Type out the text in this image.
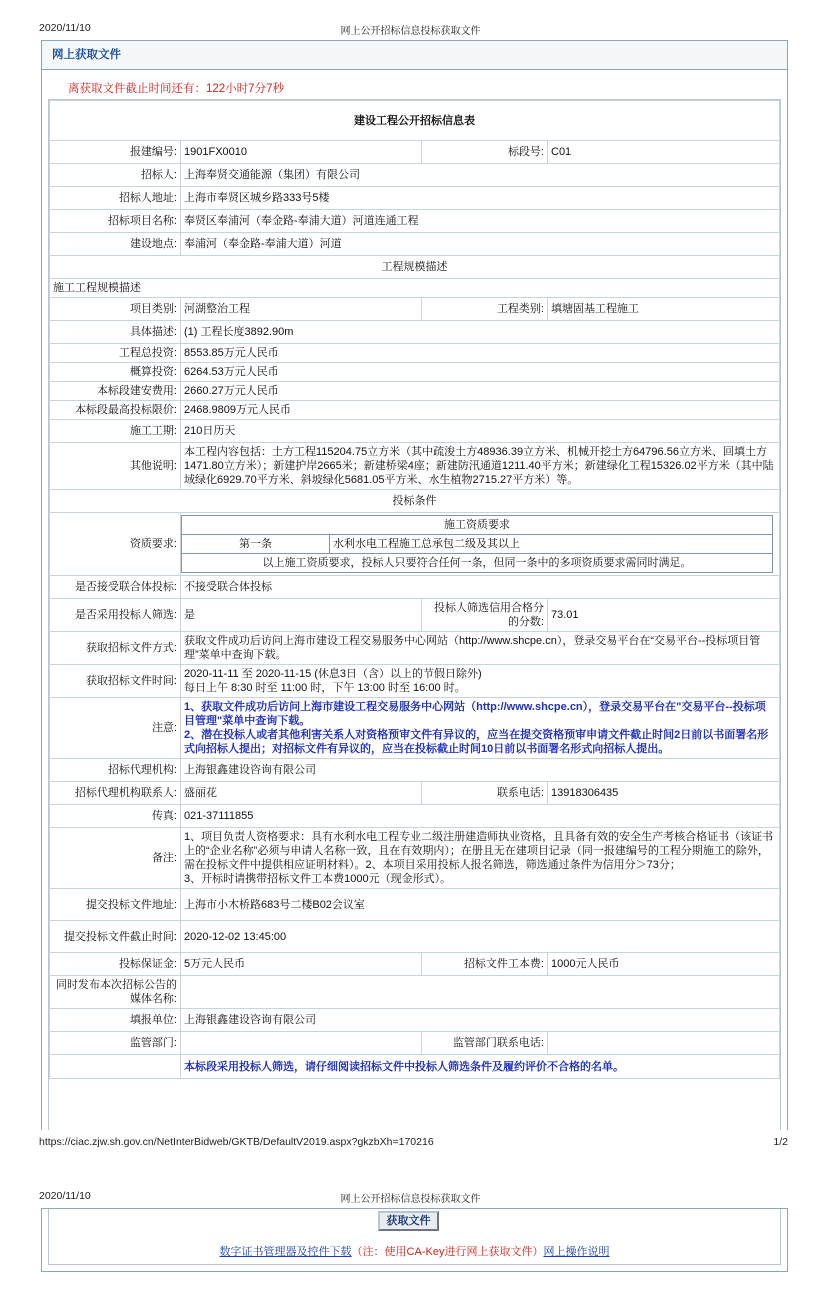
2020/11/10	网上公开招标信息投标获取文件
网上获取文件
离获取文件截止时间还有：122小时7分7秒
建设工程公开招标信息表
报建编号:	1901FX0010	标段号:	C01
招标人:	上海奉贤交通能源（集团）有限公司
招标人地址:	上海市奉贤区城乡路333号5楼
招标项目名称:	奉贤区奉浦河（奉金路-奉浦大道）河道连通工程
建设地点:	奉浦河（奉金路-奉浦大道）河道
工程规模描述
施工工程规模描述
项目类别:	河湖整治工程	工程类别:	填塘固基工程施工
具体描述:	(1) 工程长度3892.90m
工程总投资:	8553.85万元人民币
概算投资:	6264.53万元人民币
本标段建安费用:	2660.27万元人民币
本标段最高投标限价:	2468.9809万元人民币
施工工期:	210日历天
其他说明:	本工程内容包括：土方工程115204.75立方米（其中疏浚土方48936.39立方米、机械开挖土方64796.56立方米、回填土方1471.80立方米）；新建护岸2665米；新建桥梁4座；新建防汛通道1211.40平方米；新建绿化工程15326.02平方米（其中陆域绿化6929.70平方米、斜坡绿化5681.05平方米、水生植物2715.27平方米）等。
投标条件
资质要求:	
施工资质要求
第一条	水利水电工程施工总承包二级及其以上
以上施工资质要求，投标人只要符合任何一条，但同一条中的多项资质要求需同时满足。

是否接受联合体投标:	不接受联合体投标
是否采用投标人筛选:	是	投标人筛选信用合格分的分数:	73.01
获取招标文件方式:	获取文件成功后访问上海市建设工程交易服务中心网站（http://www.shcpe.cn），登录交易平台在“交易平台--投标项目管理”菜单中查询下载。
获取招标文件时间:	
2020-11-11 至 2020-11-15 (休息3日（含）以上的节假日除外)
每日上午 8:30 时至 11:00 时，下午 13:00 时至 16:00 时。

注意:	
1、获取文件成功后访问上海市建设工程交易服务中心网站（http://www.shcpe.cn），登录交易平台在"交易平台--投标项目管理"菜单中查询下载。
2、潜在投标人或者其他利害关系人对资格预审文件有异议的，应当在提交资格预审申请文件截止时间2日前以书面署名形式向招标人提出；对招标文件有异议的，应当在投标截止时间10日前以书面署名形式向招标人提出。

招标代理机构:	上海银鑫建设咨询有限公司
招标代理机构联系人:	盛丽花	联系电话:	13918306435
传真:	021-37111855
备注:	
1、项目负责人资格要求：具有水利水电工程专业二级注册建造师执业资格，且具备有效的安全生产考核合格证书（该证书上的“企业名称”必须与申请人名称一致，且在有效期内）；在册且无在建项目记录（同一报建编号的工程分期施工的除外，需在投标文件中提供相应证明材料）。2、本项目采用投标人报名筛选，筛选通过条件为信用分＞73分；
3、开标时请携带招标文件工本费1000元（现金形式）。

提交投标文件地址:	上海市小木桥路683号二楼B02会议室
提交投标文件截止时间:	2020-12-02 13:45:00
投标保证金:	5万元人民币	招标文件工本费:	1000元人民币
同时发布本次招标公告的媒体名称:	
填报单位:	上海银鑫建设咨询有限公司
监管部门:		监管部门联系电话:	
	本标段采用投标人筛选，请仔细阅读招标文件中投标人筛选条件及履约评价不合格的名单。
https://ciac.zjw.sh.gov.cn/NetInterBidweb/GKTB/DefaultV2019.aspx?gkzbXh=170216	1/2
2020/11/10	网上公开招标信息投标获取文件
获取文件
数字证书管理器及控件下载（注：使用CA-Key进行网上获取文件）网上操作说明
